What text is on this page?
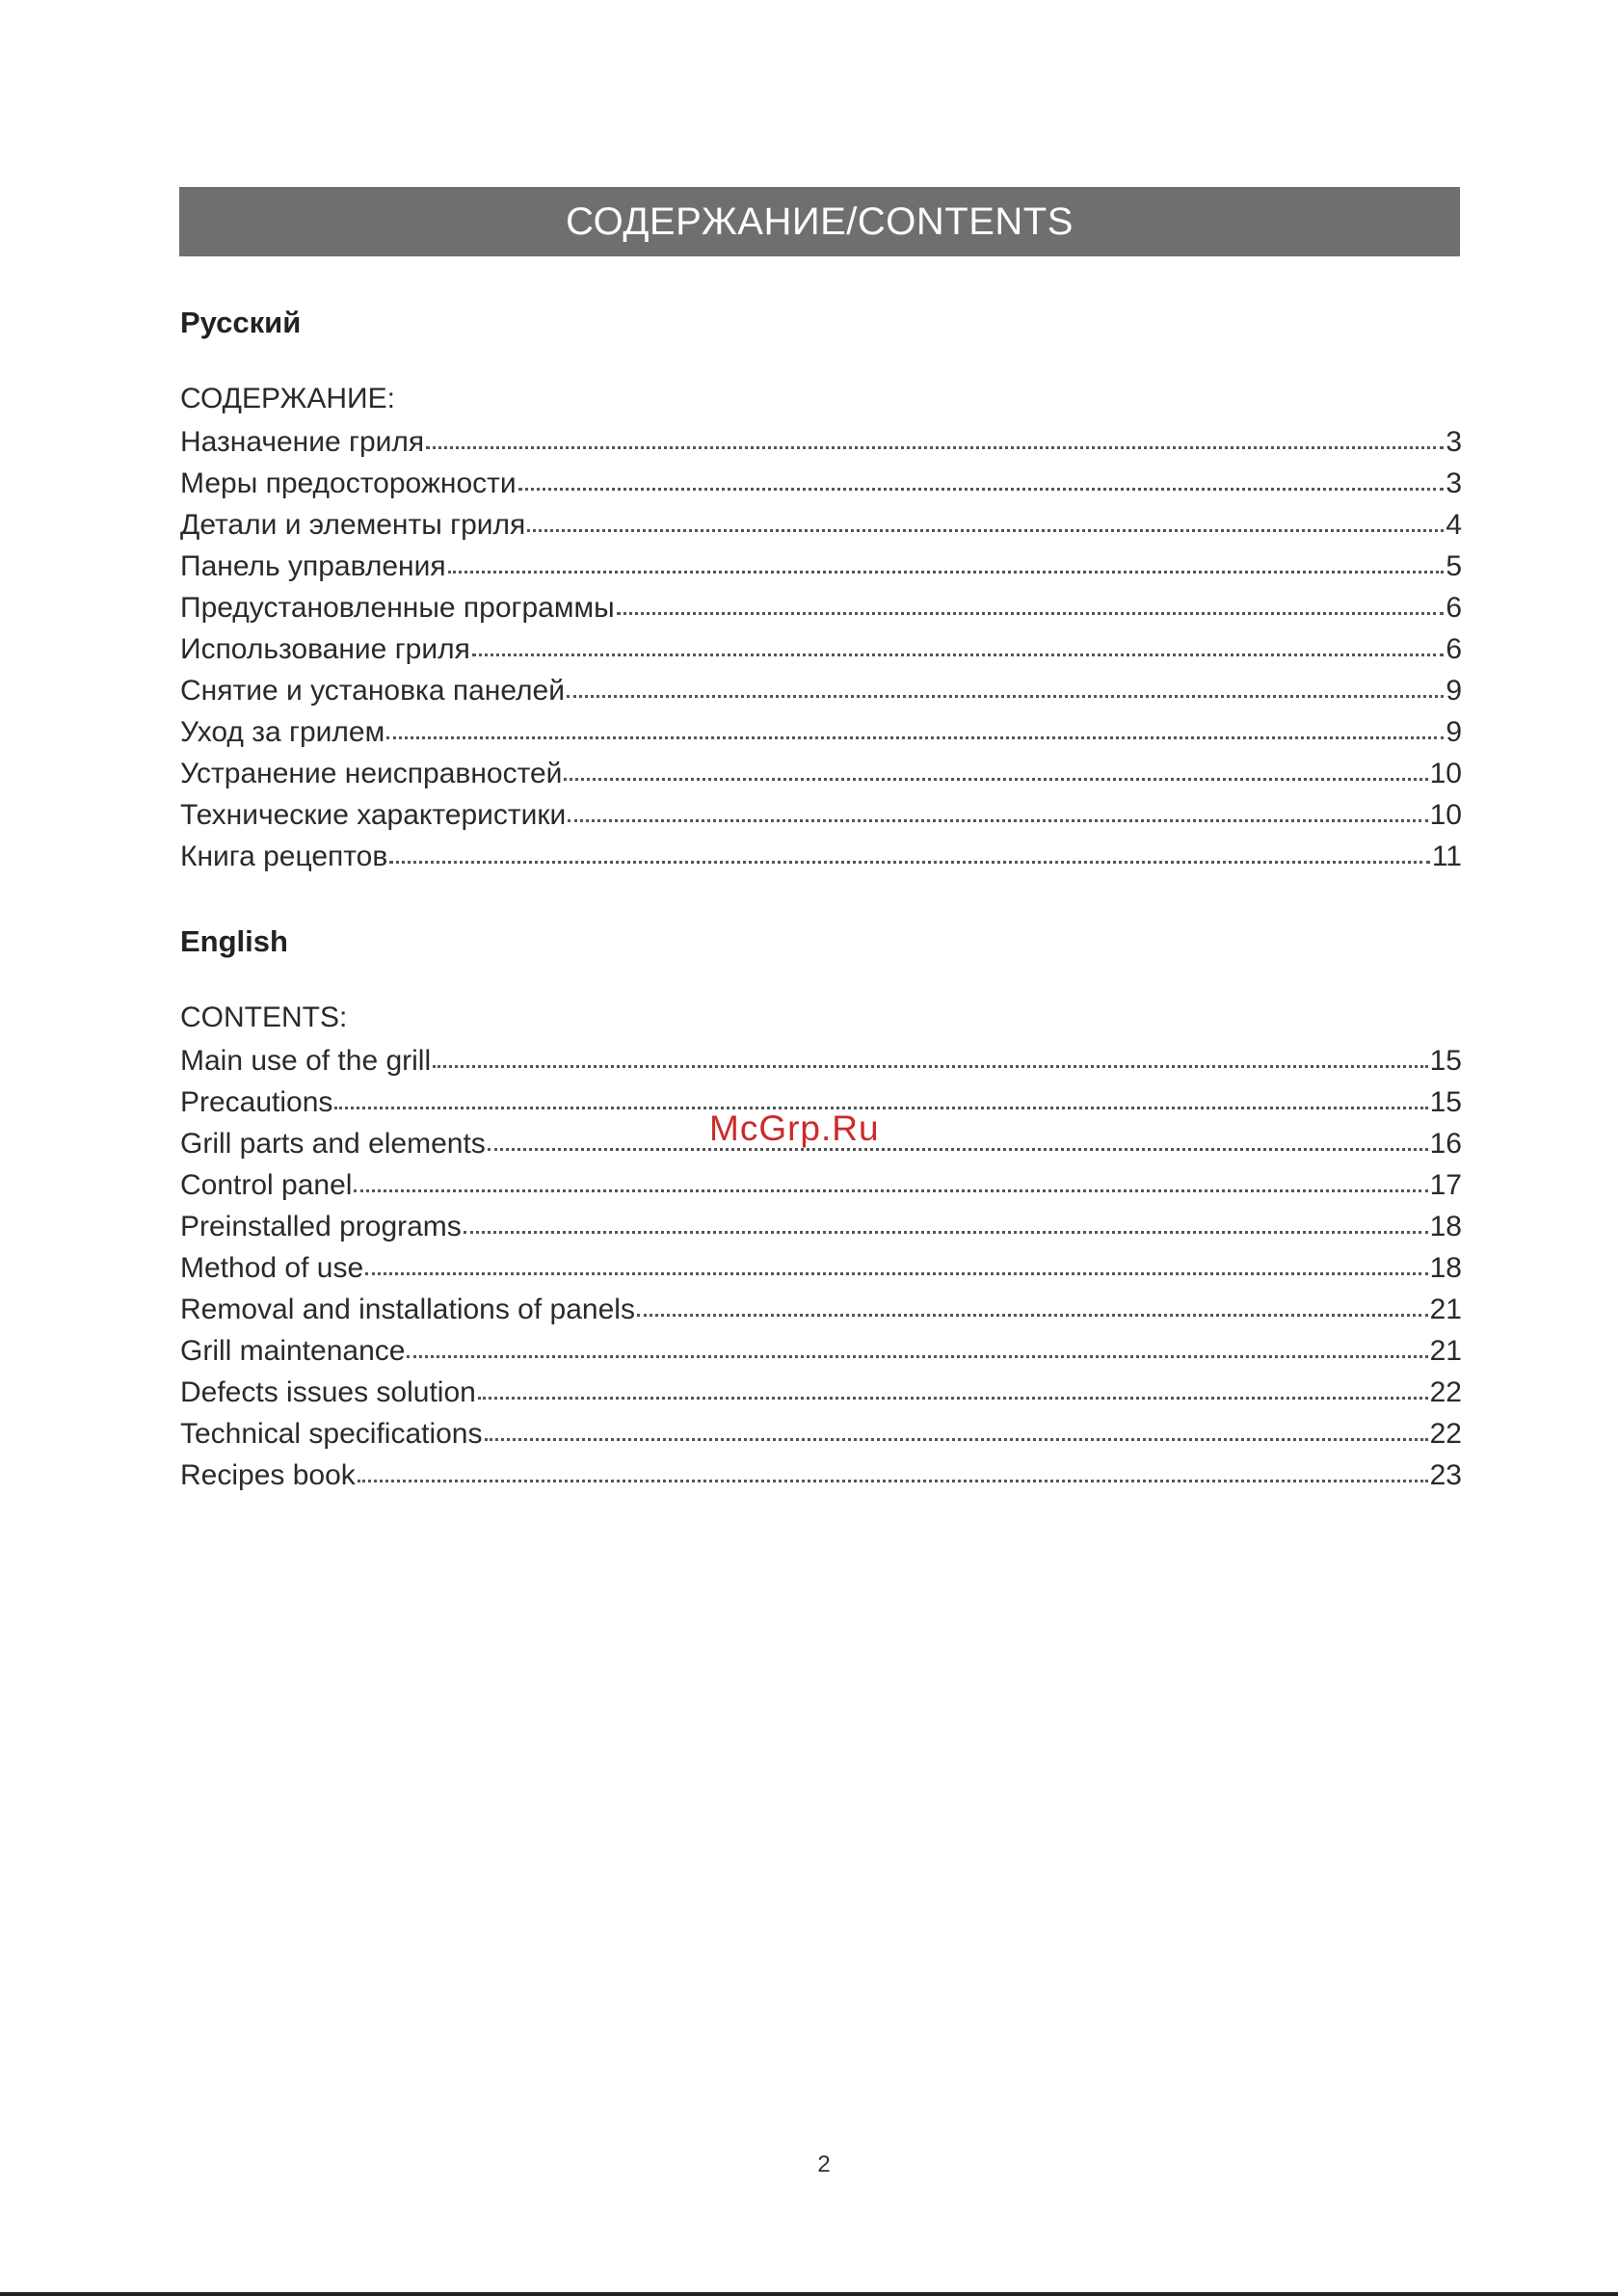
СОДЕРЖАНИЕ/CONTENTS
Русский
СОДЕРЖАНИЕ:
Назначение гриля	3
Меры предосторожности	3
Детали и элементы гриля	4
Панель управления	5
Предустановленные программы	6
Использование гриля	6
Снятие и установка панелей	9
Уход за грилем	9
Устранение неисправностей	10
Технические характеристики	10
Книга рецептов	11
English
CONTENTS:
Main use of the grill	15
Precautions	15
Grill parts and elements	16
Control panel	17
Preinstalled programs	18
Method of use	18
Removal and installations of panels	21
Grill maintenance	21
Defects issues solution	22
Technical specifications	22
Recipes book	23
McGrp.Ru
2
